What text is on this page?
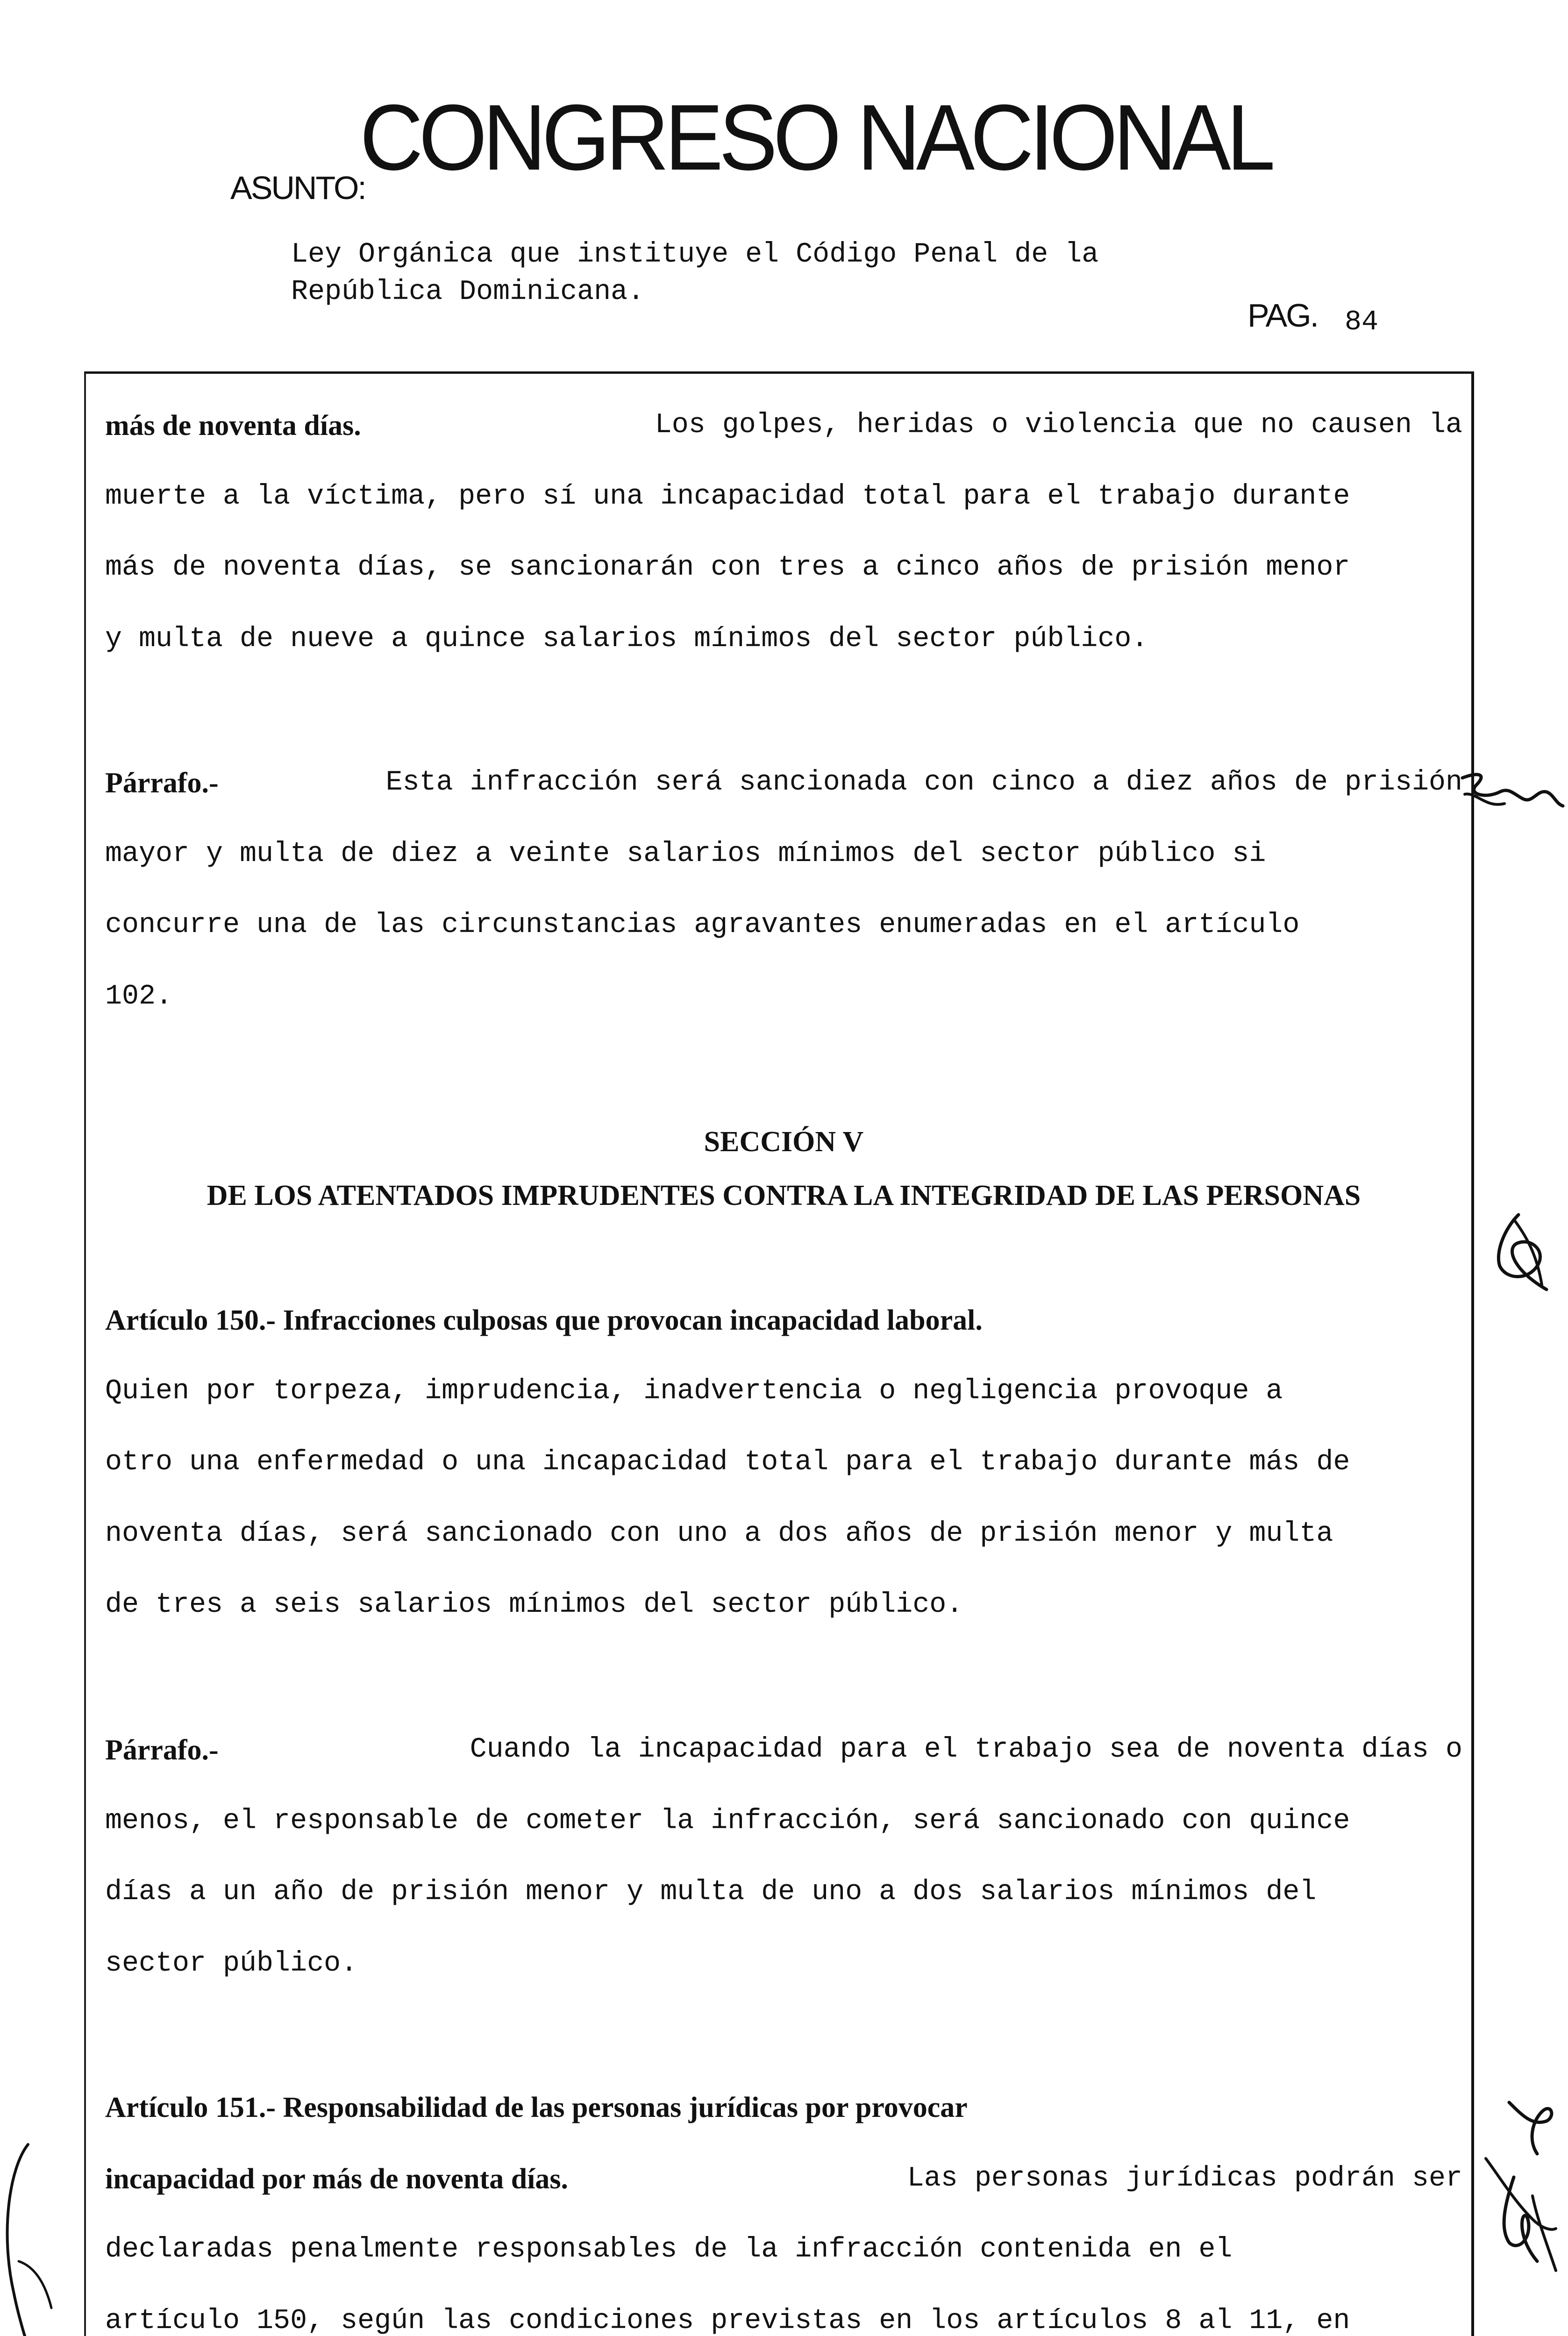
CONGRESO NACIONAL
ASUNTO:
Ley Orgánica que instituye el Código Penal de la
República Dominicana.
PAG. 84
más de noventa días.	Los golpes, heridas o violencia que no causen la
muerte a la víctima, pero sí una incapacidad total para el trabajo durante
más de noventa días, se sancionarán con tres a cinco años de prisión menor
y multa de nueve a quince salarios mínimos del sector público.
Párrafo.-	Esta infracción será sancionada con cinco a diez años de prisión
mayor y multa de diez a veinte salarios mínimos del sector público si
concurre una de las circunstancias agravantes enumeradas en el artículo
102.
SECCIÓN V
DE LOS ATENTADOS IMPRUDENTES CONTRA LA INTEGRIDAD DE LAS PERSONAS
Artículo 150.- Infracciones culposas que provocan incapacidad laboral.
Quien por torpeza, imprudencia, inadvertencia o negligencia provoque a
otro una enfermedad o una incapacidad total para el trabajo durante más de
noventa días, será sancionado con uno a dos años de prisión menor y multa
de tres a seis salarios mínimos del sector público.
Párrafo.-	Cuando la incapacidad para el trabajo sea de noventa días o
menos, el responsable de cometer la infracción, será sancionado con quince
días a un año de prisión menor y multa de uno a dos salarios mínimos del
sector público.
Artículo 151.- Responsabilidad de las personas jurídicas por provocar
incapacidad por más de noventa días.	Las personas jurídicas podrán ser
declaradas penalmente responsables de la infracción contenida en el
artículo 150, según las condiciones previstas en los artículos 8 al 11, en
